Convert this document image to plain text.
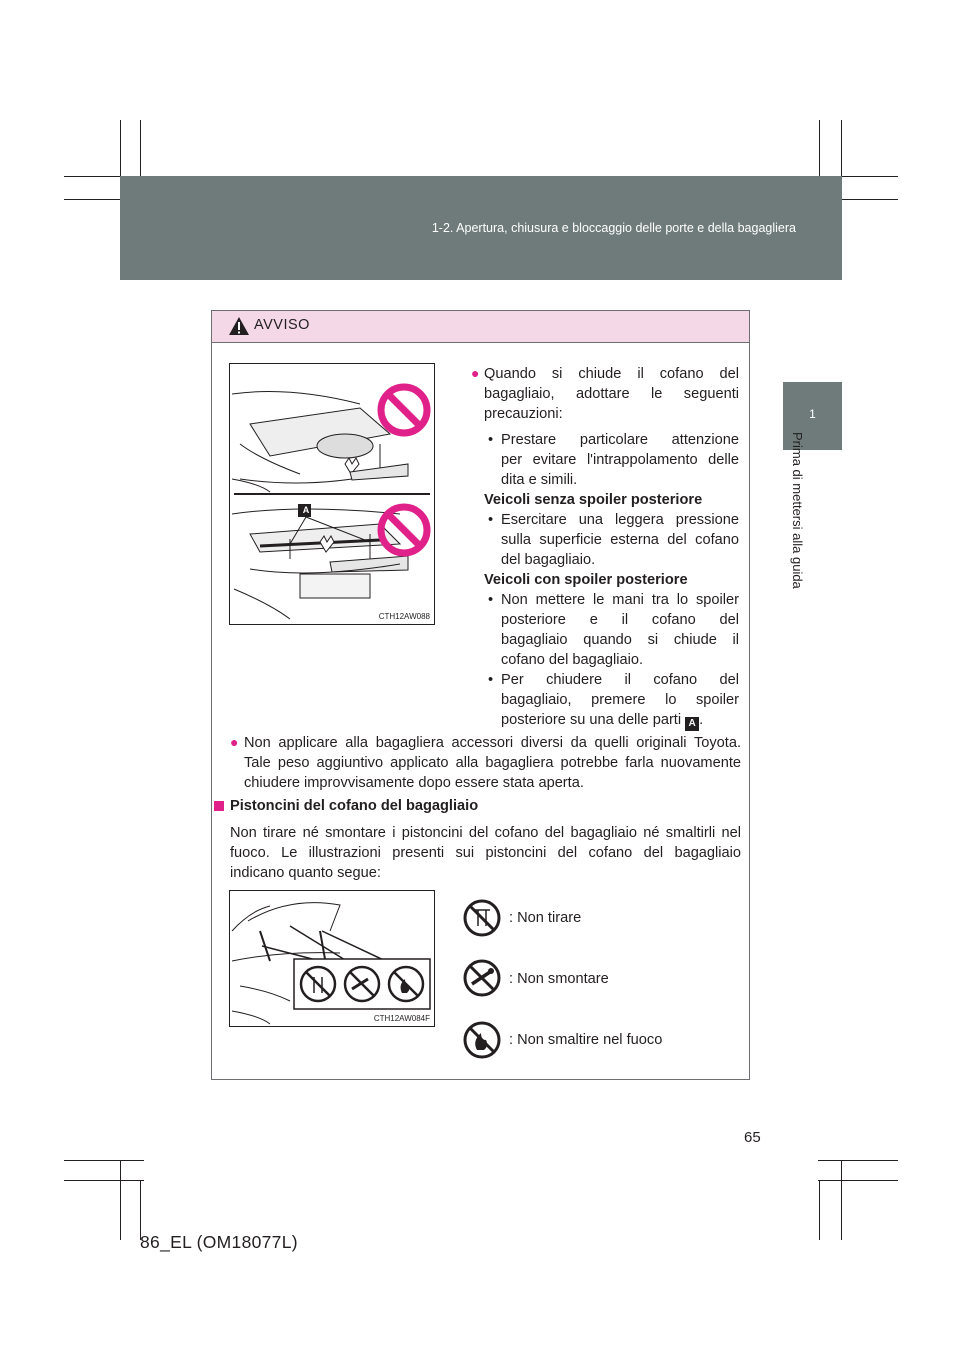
1-2. Apertura, chiusura e bloccaggio delle porte e della bagagliera
1
Prima di mettersi alla guida
AVVISO
A
CTH12AW088
● Quando si chiude il cofano del
bagagliaio, adottare le seguenti
precauzioni:
• Prestare particolare attenzione
per evitare l'intrappolamento delle
dita e simili.
Veicoli senza spoiler posteriore
• Esercitare una leggera pressione
sulla superficie esterna del cofano
del bagagliaio.
Veicoli con spoiler posteriore
• Non mettere le mani tra lo spoiler
posteriore e il cofano del
bagagliaio quando si chiude il
cofano del bagagliaio.
• Per chiudere il cofano del
bagagliaio, premere lo spoiler
posteriore su una delle parti A .
● Non applicare alla bagagliera accessori diversi da quelli originali Toyota.
Tale peso aggiuntivo applicato alla bagagliera potrebbe farla nuovamente
chiudere improvvisamente dopo essere stata aperta.
Pistoncini del cofano del bagagliaio
Non tirare né smontare i pistoncini del cofano del bagagliaio né smaltirli nel
fuoco. Le illustrazioni presenti sui pistoncini del cofano del bagagliaio
indicano quanto segue:
CTH12AW084F
: Non tirare
: Non smontare
: Non smaltire nel fuoco
65
86_EL (OM18077L)
